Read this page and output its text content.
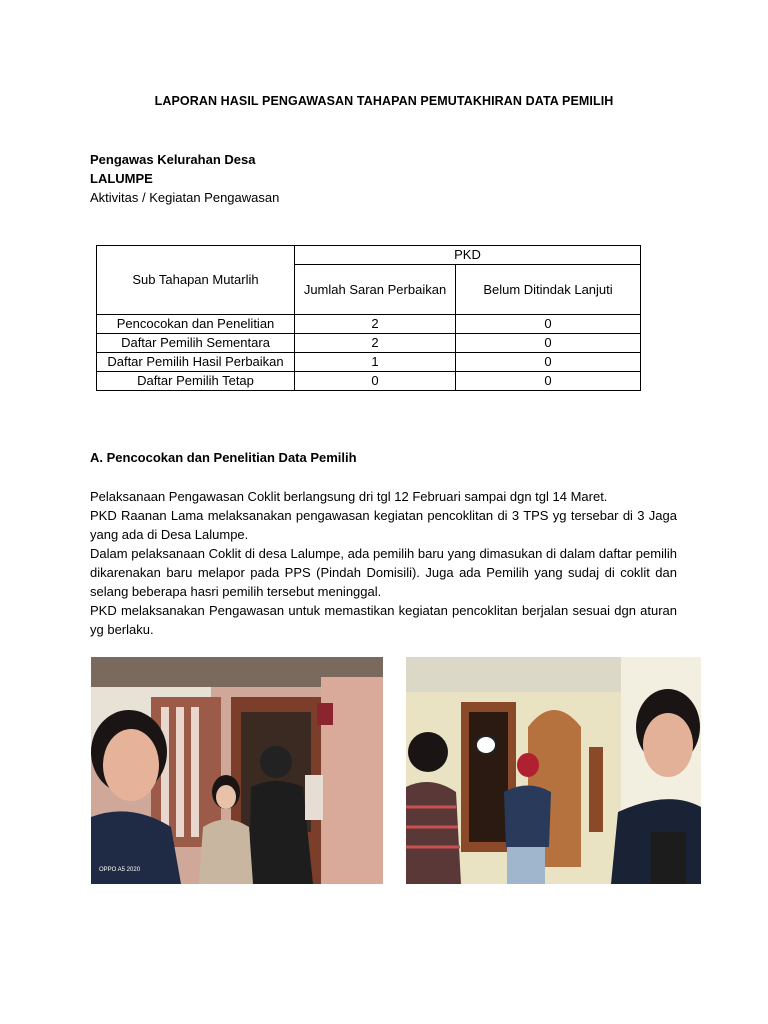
LAPORAN HASIL PENGAWASAN TAHAPAN PEMUTAKHIRAN DATA PEMILIH
Pengawas Kelurahan Desa
LALUMPE
Aktivitas / Kegiatan Pengawasan
Sub Tahapan Mutarlih	PKD	
	Jumlah Saran Perbaikan	Belum Ditindak Lanjuti
Pencocokan dan Penelitian	2	0
Daftar Pemilih Sementara	2	0
Daftar Pemilih Hasil Perbaikan	1	0
Daftar Pemilih Tetap	0	0
A. Pencocokan dan Penelitian Data Pemilih

Pelaksanaan Pengawasan Coklit berlangsung dri tgl 12 Februari sampai dgn tgl 14 Maret.

PKD Raanan Lama melaksanakan pengawasan kegiatan pencoklitan di 3 TPS yg tersebar di 3 Jaga yang ada di Desa Lalumpe.

Dalam pelaksanaan Coklit di desa Lalumpe, ada pemilih baru yang dimasukan di dalam daftar pemilih dikarenakan baru melapor pada PPS (Pindah Domisili). Juga ada Pemilih yang sudaj di coklit dan selang beberapa hasri pemilih tersebut meninggal.

PKD melaksanakan Pengawasan untuk memastikan kegiatan pencoklitan berjalan sesuai dgn aturan yg berlaku.

OPPO A5 2020
